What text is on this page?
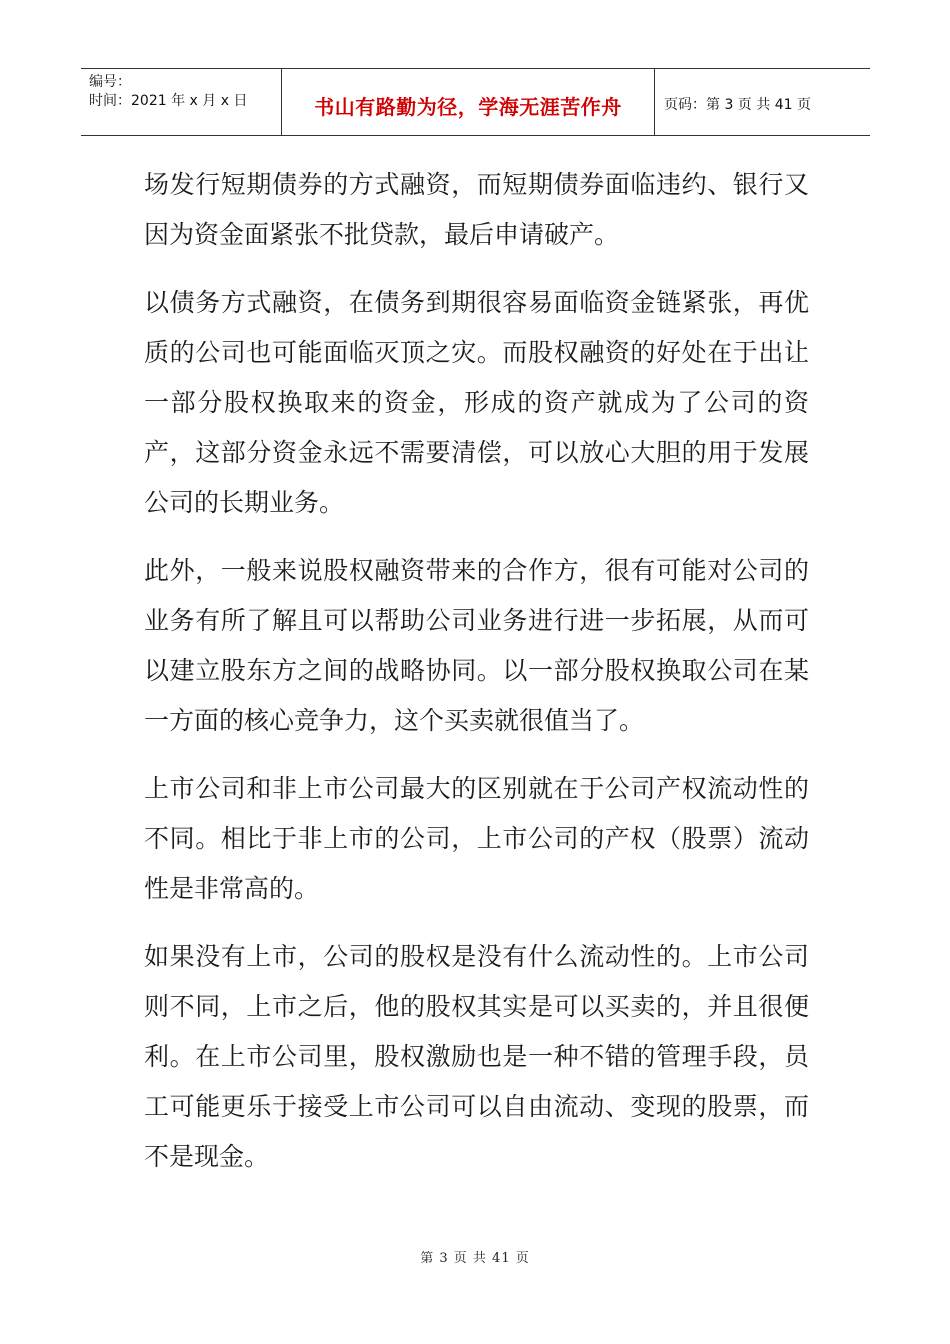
编号：
时间：2021 年 x 月 x 日	书山有路勤为径，学海无涯苦作舟	页码：第 3 页 共 41 页

场发行短期债券的方式融资，而短期债券面临违约、银行又因为资金面紧张不批贷款，最后申请破产。

以债务方式融资，在债务到期很容易面临资金链紧张，再优质的公司也可能面临灭顶之灾。而股权融资的好处在于出让一部分股权换取来的资金，形成的资产就成为了公司的资产，这部分资金永远不需要清偿，可以放心大胆的用于发展公司的长期业务。

此外，一般来说股权融资带来的合作方，很有可能对公司的业务有所了解且可以帮助公司业务进行进一步拓展，从而可以建立股东方之间的战略协同。以一部分股权换取公司在某一方面的核心竞争力，这个买卖就很值当了。

上市公司和非上市公司最大的区别就在于公司产权流动性的不同。相比于非上市的公司，上市公司的产权（股票）流动性是非常高的。

如果没有上市，公司的股权是没有什么流动性的。上市公司则不同，上市之后，他的股权其实是可以买卖的，并且很便利。在上市公司里，股权激励也是一种不错的管理手段，员工可能更乐于接受上市公司可以自由流动、变现的股票，而不是现金。

第 3 页 共 41 页
